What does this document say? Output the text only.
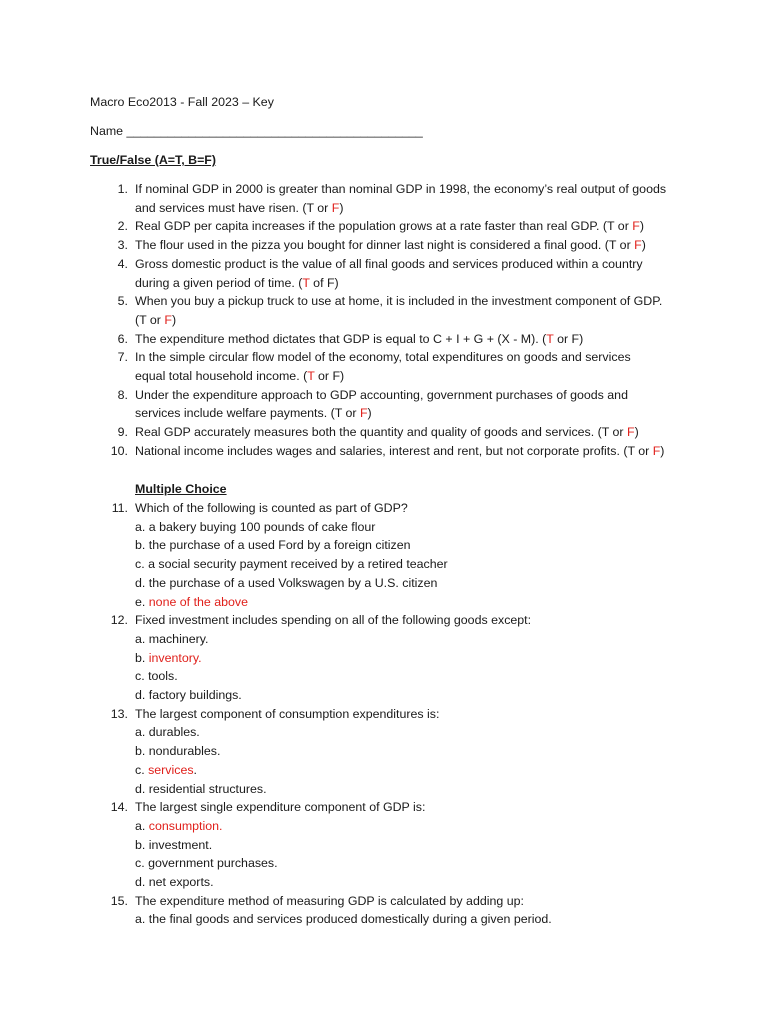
Macro Eco2013 - Fall 2023 – Key
Name ___________________________________________
True/False (A=T, B=F)
1. If nominal GDP in 2000 is greater than nominal GDP in 1998, the economy’s real output of goods
and services must have risen. (T or F)
2. Real GDP per capita increases if the population grows at a rate faster than real GDP. (T or F)
3. The flour used in the pizza you bought for dinner last night is considered a final good. (T or F)
4. Gross domestic product is the value of all final goods and services produced within a country
during a given period of time. (T of F)
5. When you buy a pickup truck to use at home, it is included in the investment component of GDP.
(T or F)
6. The expenditure method dictates that GDP is equal to C + I + G + (X - M). (T or F)
7. In the simple circular flow model of the economy, total expenditures on goods and services
equal total household income. (T or F)
8. Under the expenditure approach to GDP accounting, government purchases of goods and
services include welfare payments. (T or F)
9. Real GDP accurately measures both the quantity and quality of goods and services. (T or F)
10. National income includes wages and salaries, interest and rent, but not corporate profits. (T or F)
Multiple Choice
11. Which of the following is counted as part of GDP?
a. a bakery buying 100 pounds of cake flour
b. the purchase of a used Ford by a foreign citizen
c. a social security payment received by a retired teacher
d. the purchase of a used Volkswagen by a U.S. citizen
e. none of the above
12. Fixed investment includes spending on all of the following goods except:
a. machinery.
b. inventory.
c. tools.
d. factory buildings.
13. The largest component of consumption expenditures is:
a. durables.
b. nondurables.
c. services.
d. residential structures.
14. The largest single expenditure component of GDP is:
a. consumption.
b. investment.
c. government purchases.
d. net exports.
15. The expenditure method of measuring GDP is calculated by adding up:
a. the final goods and services produced domestically during a given period.
